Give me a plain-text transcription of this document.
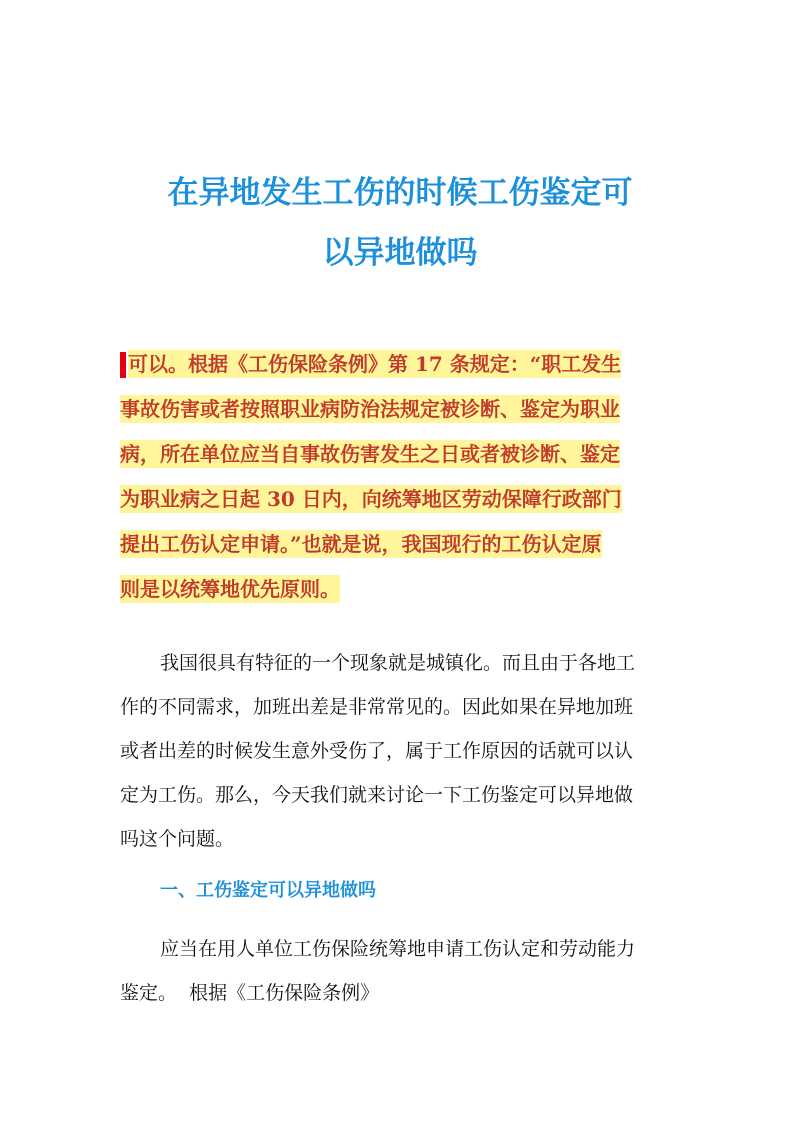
在异地发生工伤的时候工伤鉴定可
以异地做吗
可以。根据《工伤保险条例》第 17 条规定：“职工发生
事故伤害或者按照职业病防治法规定被诊断、鉴定为职业
病，所在单位应当自事故伤害发生之日或者被诊断、鉴定
为职业病之日起 30 日内，向统筹地区劳动保障行政部门
提出工伤认定申请。”也就是说，我国现行的工伤认定原
则是以统筹地优先原则。
我国很具有特征的一个现象就是城镇化。而且由于各地工
作的不同需求，加班出差是非常常见的。因此如果在异地加班
或者出差的时候发生意外受伤了，属于工作原因的话就可以认
定为工伤。那么，今天我们就来讨论一下工伤鉴定可以异地做
吗这个问题。
一、工伤鉴定可以异地做吗
应当在用人单位工伤保险统筹地申请工伤认定和劳动能力
鉴定。  根据《工伤保险条例》
